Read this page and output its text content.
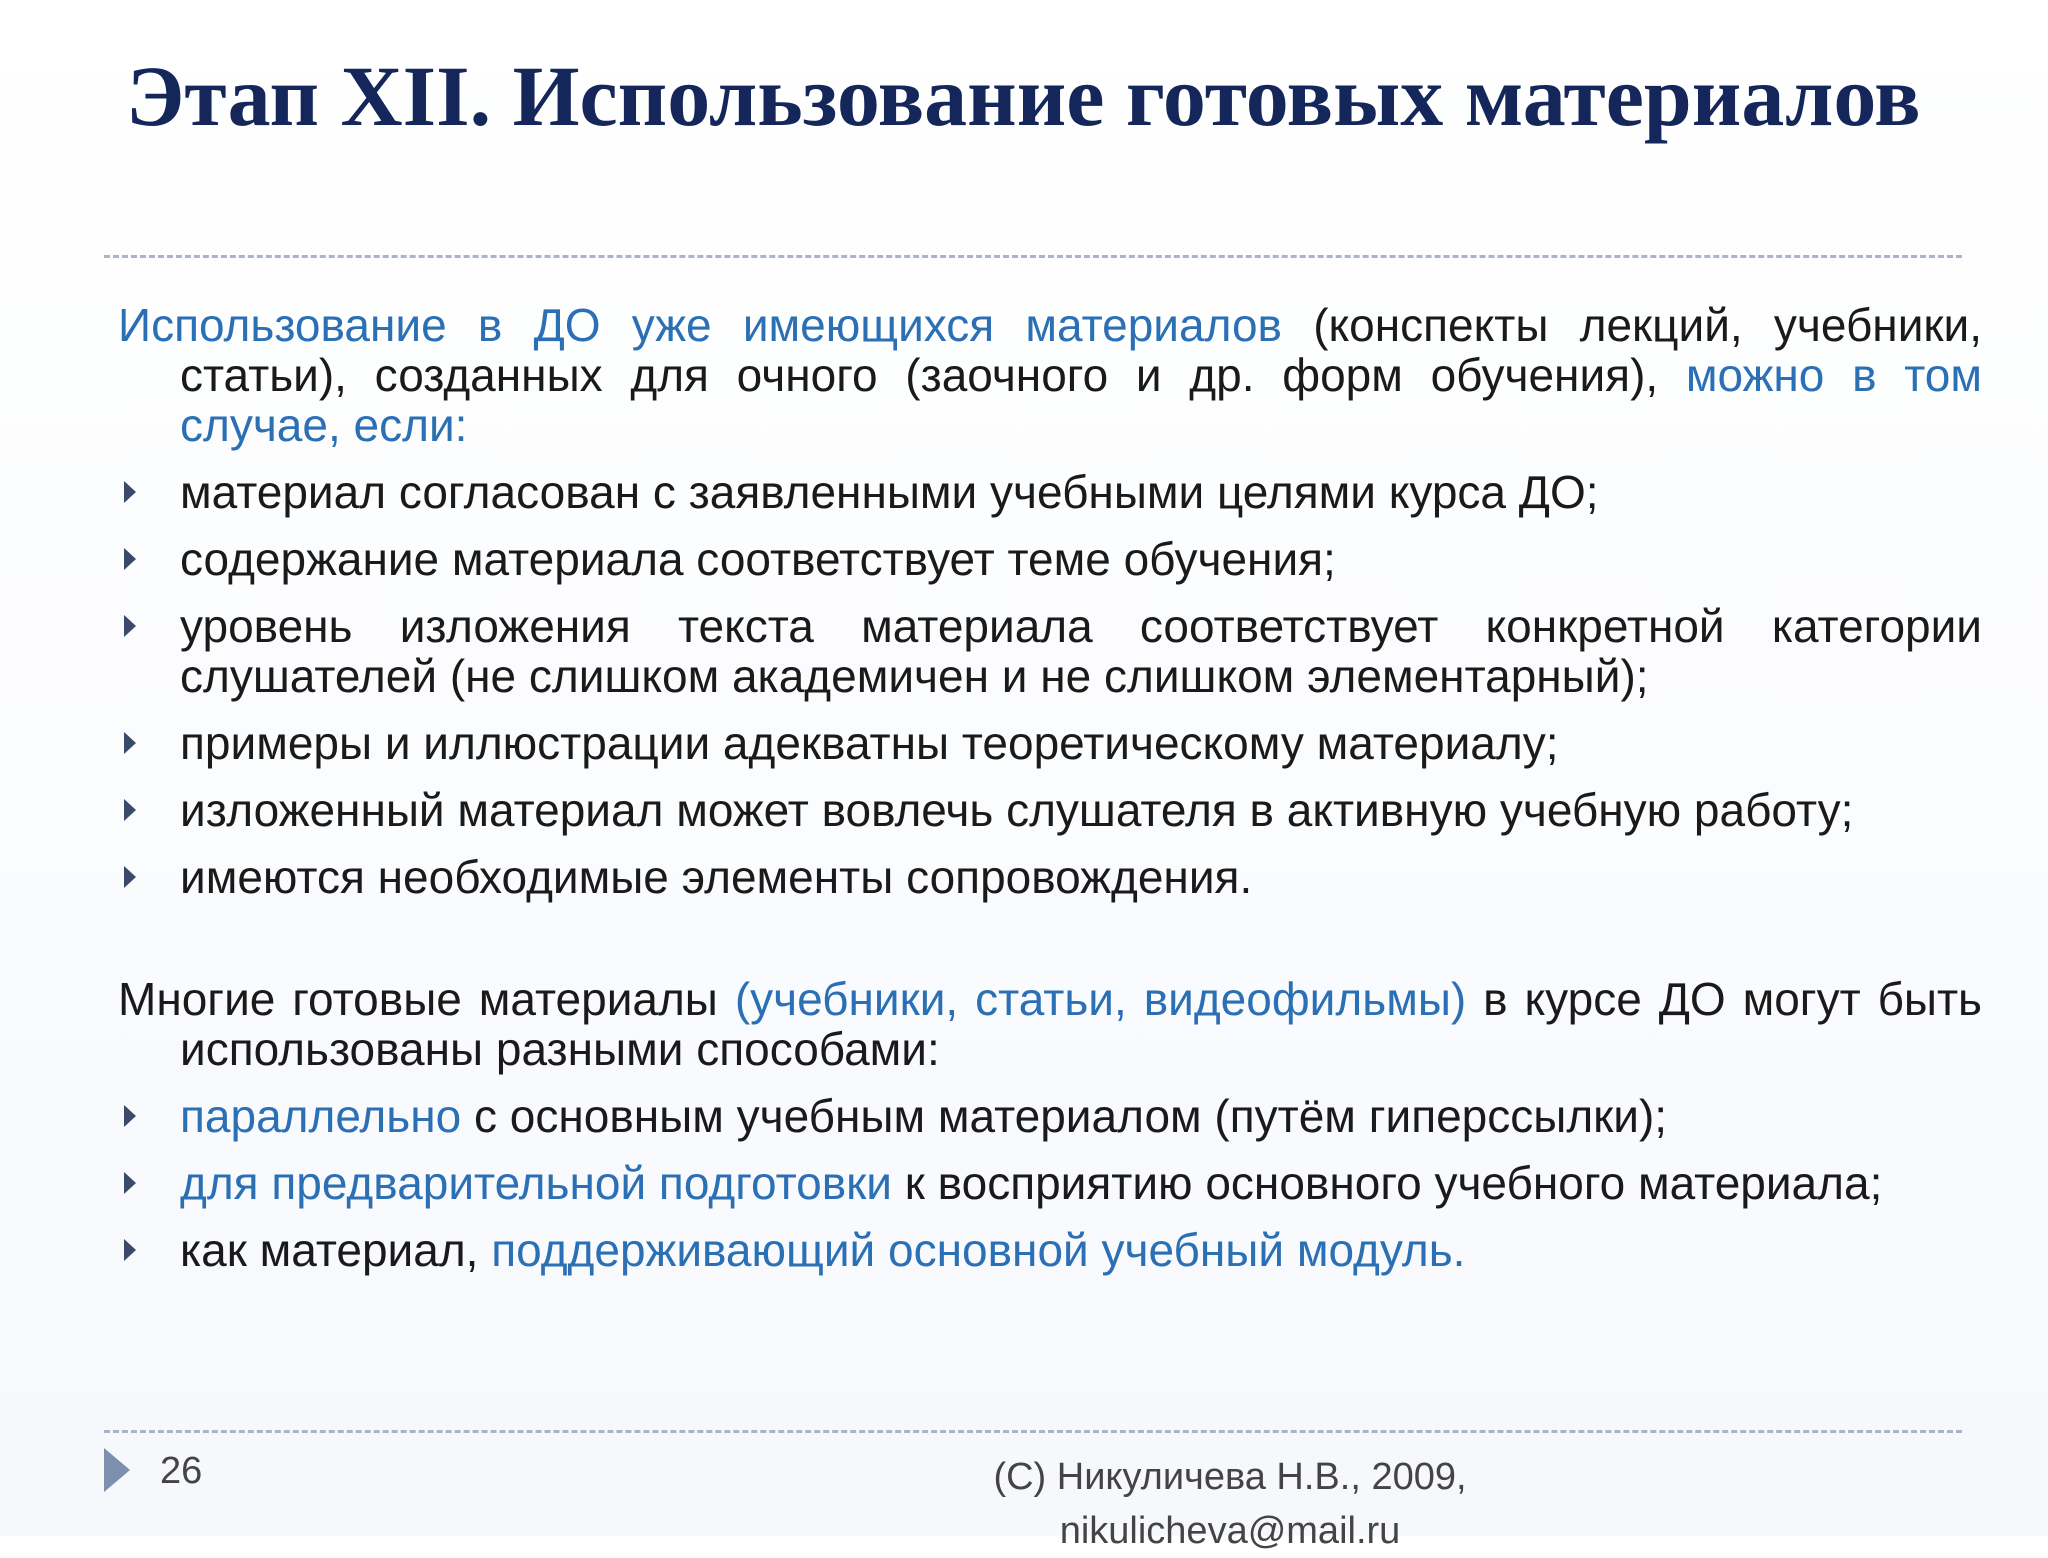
Этап XII. Использование готовых материалов

Использование в ДО уже имеющихся материалов (конспекты лекций, учебники, статьи), созданных для очного (заочного и др. форм обучения), можно в том случае, если:

материал согласован с заявленными учебными целями курса ДО;
содержание материала соответствует теме обучения;
уровень изложения текста материала соответствует конкретной категории слушателей (не слишком академичен и не слишком элементарный);
примеры и иллюстрации адекватны теоретическому материалу;
изложенный материал может вовлечь слушателя в активную учебную работу;
имеются необходимые элементы сопровождения.

Многие готовые материалы (учебники, статьи, видеофильмы) в курсе ДО могут быть использованы разными способами:

параллельно с основным учебным материалом (путём гиперссылки);
для предварительной подготовки к восприятию основного учебного материала;
как материал, поддерживающий основной учебный модуль.
26	(С) Никуличева Н.В., 2009,
nikulicheva@mail.ru
